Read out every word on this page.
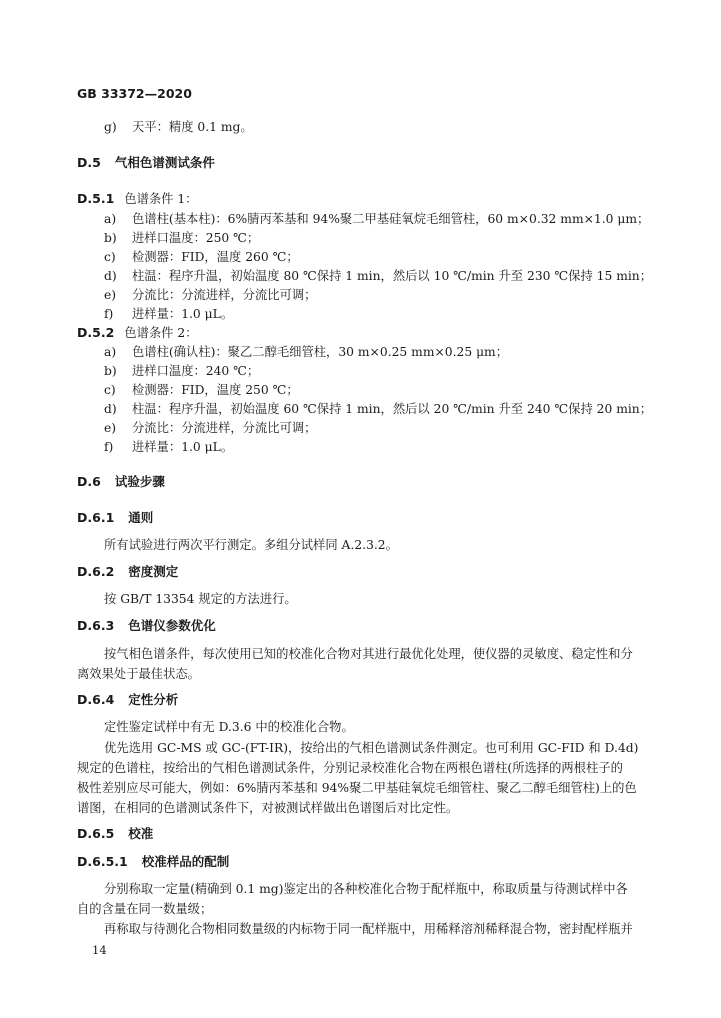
GB 33372—2020
g) 天平：精度 0.1 mg。
D.5 气相色谱测试条件
D.5.1 色谱条件 1：
a) 色谱柱(基本柱)：6%腈丙苯基和 94%聚二甲基硅氧烷毛细管柱，60 m×0.32 mm×1.0 μm；
b) 进样口温度：250 ℃；
c) 检测器：FID，温度 260 ℃；
d) 柱温：程序升温，初始温度 80 ℃保持 1 min，然后以 10 ℃/min 升至 230 ℃保持 15 min；
e) 分流比：分流进样，分流比可调；
f) 进样量：1.0 μL。
D.5.2 色谱条件 2：
a) 色谱柱(确认柱)：聚乙二醇毛细管柱，30 m×0.25 mm×0.25 μm；
b) 进样口温度：240 ℃；
c) 检测器：FID，温度 250 ℃；
d) 柱温：程序升温，初始温度 60 ℃保持 1 min，然后以 20 ℃/min 升至 240 ℃保持 20 min；
e) 分流比：分流进样，分流比可调；
f) 进样量：1.0 μL。
D.6 试验步骤
D.6.1 通则
所有试验进行两次平行测定。多组分试样同 A.2.3.2。
D.6.2 密度测定
按 GB/T 13354 规定的方法进行。
D.6.3 色谱仪参数优化
按气相色谱条件，每次使用已知的校准化合物对其进行最优化处理，使仪器的灵敏度、稳定性和分
离效果处于最佳状态。
D.6.4 定性分析
定性鉴定试样中有无 D.3.6 中的校准化合物。
优先选用 GC-MS 或 GC-(FT-IR)，按给出的气相色谱测试条件测定。也可利用 GC-FID 和 D.4d)
规定的色谱柱，按给出的气相色谱测试条件，分别记录校准化合物在两根色谱柱(所选择的两根柱子的
极性差别应尽可能大，例如：6%腈丙苯基和 94%聚二甲基硅氧烷毛细管柱、聚乙二醇毛细管柱)上的色
谱图，在相同的色谱测试条件下，对被测试样做出色谱图后对比定性。
D.6.5 校准
D.6.5.1 校准样品的配制
分别称取一定量(精确到 0.1 mg)鉴定出的各种校准化合物于配样瓶中，称取质量与待测试样中各
自的含量在同一数量级；
再称取与待测化合物相同数量级的内标物于同一配样瓶中，用稀释溶剂稀释混合物，密封配样瓶并
14
